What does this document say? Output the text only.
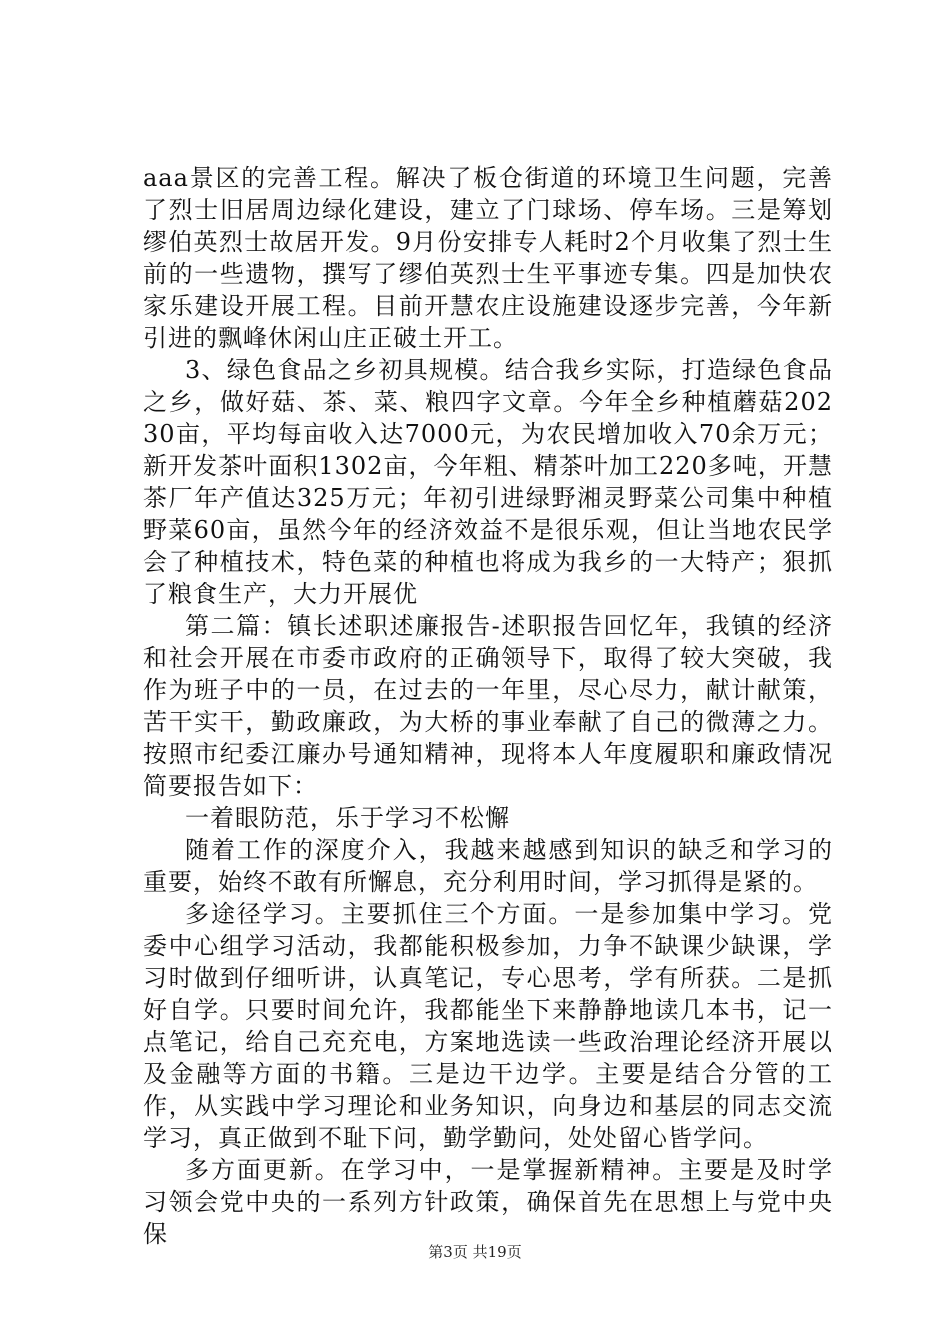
aaa景区的完善工程。解决了板仓街道的环境卫生问题，完善了烈士旧居周边绿化建设，建立了门球场、停车场。三是筹划缪伯英烈士故居开发。9月份安排专人耗时2个月收集了烈士生前的一些遗物，撰写了缪伯英烈士生平事迹专集。四是加快农家乐建设开展工程。目前开慧农庄设施建设逐步完善，今年新引进的飘峰休闲山庄正破土开工。

3、绿色食品之乡初具规模。结合我乡实际，打造绿色食品之乡，做好菇、茶、菜、粮四字文章。今年全乡种植蘑菇20230亩，平均每亩收入达7000元，为农民增加收入70余万元；新开发茶叶面积1302亩，今年粗、精茶叶加工220多吨，开慧茶厂年产值达325万元；年初引进绿野湘灵野菜公司集中种植野菜60亩，虽然今年的经济效益不是很乐观，但让当地农民学会了种植技术，特色菜的种植也将成为我乡的一大特产；狠抓了粮食生产，大力开展优

第二篇：镇长述职述廉报告-述职报告回忆年，我镇的经济和社会开展在市委市政府的正确领导下，取得了较大突破，我作为班子中的一员，在过去的一年里，尽心尽力，献计献策，苦干实干，勤政廉政，为大桥的事业奉献了自己的微薄之力。按照市纪委江廉办号通知精神，现将本人年度履职和廉政情况简要报告如下：

一着眼防范，乐于学习不松懈

随着工作的深度介入，我越来越感到知识的缺乏和学习的重要，始终不敢有所懈息，充分利用时间，学习抓得是紧的。

多途径学习。主要抓住三个方面。一是参加集中学习。党委中心组学习活动，我都能积极参加，力争不缺课少缺课，学习时做到仔细听讲，认真笔记，专心思考，学有所获。二是抓好自学。只要时间允许，我都能坐下来静静地读几本书，记一点笔记，给自己充充电，方案地选读一些政治理论经济开展以及金融等方面的书籍。三是边干边学。主要是结合分管的工作，从实践中学习理论和业务知识，向身边和基层的同志交流学习，真正做到不耻下问，勤学勤问，处处留心皆学问。

多方面更新。在学习中，一是掌握新精神。主要是及时学习领会党中央的一系列方针政策，确保首先在思想上与党中央保

第3页 共19页
